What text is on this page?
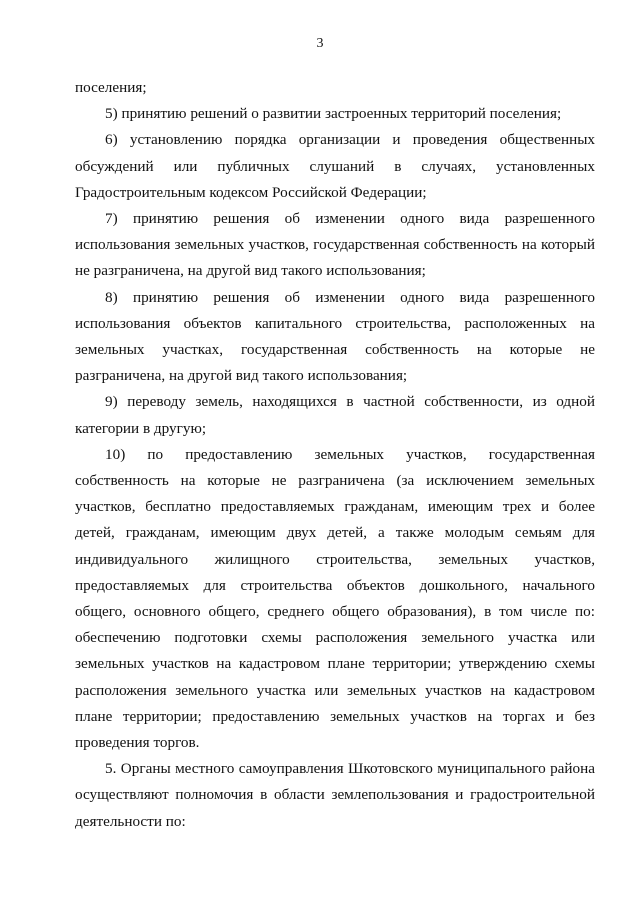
3

поселения;

5) принятию решений о развитии застроенных территорий поселения;

6) установлению порядка организации и проведения общественных обсуждений или публичных слушаний в случаях, установленных Градостроительным кодексом Российской Федерации;

7) принятию решения об изменении одного вида разрешенного использования земельных участков, государственная собственность на который не разграничена, на другой вид такого использования;

8) принятию решения об изменении одного вида разрешенного использования объектов капитального строительства, расположенных на земельных участках, государственная собственность на которые не разграничена, на другой вид такого использования;

9) переводу земель, находящихся в частной собственности, из одной категории в другую;

10) по предоставлению земельных участков, государственная собственность на которые не разграничена (за исключением земельных участков, бесплатно предоставляемых гражданам, имеющим трех и более детей, гражданам, имеющим двух детей, а также молодым семьям для индивидуального жилищного строительства, земельных участков, предоставляемых для строительства объектов дошкольного, начального общего, основного общего, среднего общего образования), в том числе по: обеспечению подготовки схемы расположения земельного участка или земельных участков на кадастровом плане территории; утверждению схемы расположения земельного участка или земельных участков на кадастровом плане территории; предоставлению земельных участков на торгах и без проведения торгов.

5. Органы местного самоуправления Шкотовского муниципального района осуществляют полномочия в области землепользования и градостроительной деятельности по:
